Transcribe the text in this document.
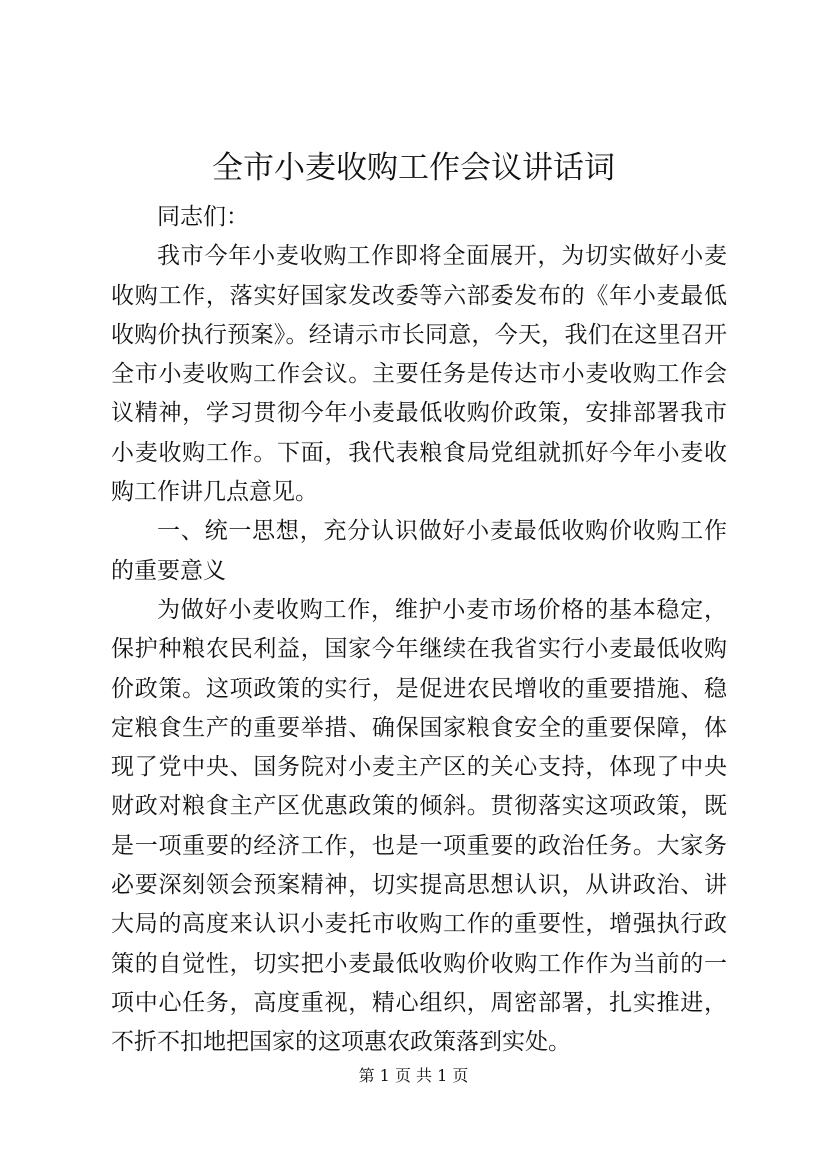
全市小麦收购工作会议讲话词

同志们：

我市今年小麦收购工作即将全面展开，为切实做好小麦收购工作，落实好国家发改委等六部委发布的《年小麦最低收购价执行预案》。经请示市长同意，今天，我们在这里召开全市小麦收购工作会议。主要任务是传达市小麦收购工作会议精神，学习贯彻今年小麦最低收购价政策，安排部署我市小麦收购工作。下面，我代表粮食局党组就抓好今年小麦收购工作讲几点意见。

一、统一思想，充分认识做好小麦最低收购价收购工作的重要意义

为做好小麦收购工作，维护小麦市场价格的基本稳定，保护种粮农民利益，国家今年继续在我省实行小麦最低收购价政策。这项政策的实行，是促进农民增收的重要措施、稳定粮食生产的重要举措、确保国家粮食安全的重要保障，体现了党中央、国务院对小麦主产区的关心支持，体现了中央财政对粮食主产区优惠政策的倾斜。贯彻落实这项政策，既是一项重要的经济工作，也是一项重要的政治任务。大家务必要深刻领会预案精神，切实提高思想认识，从讲政治、讲大局的高度来认识小麦托市收购工作的重要性，增强执行政策的自觉性，切实把小麦最低收购价收购工作作为当前的一项中心任务，高度重视，精心组织，周密部署，扎实推进，不折不扣地把国家的这项惠农政策落到实处。

第 1 页 共 1 页
